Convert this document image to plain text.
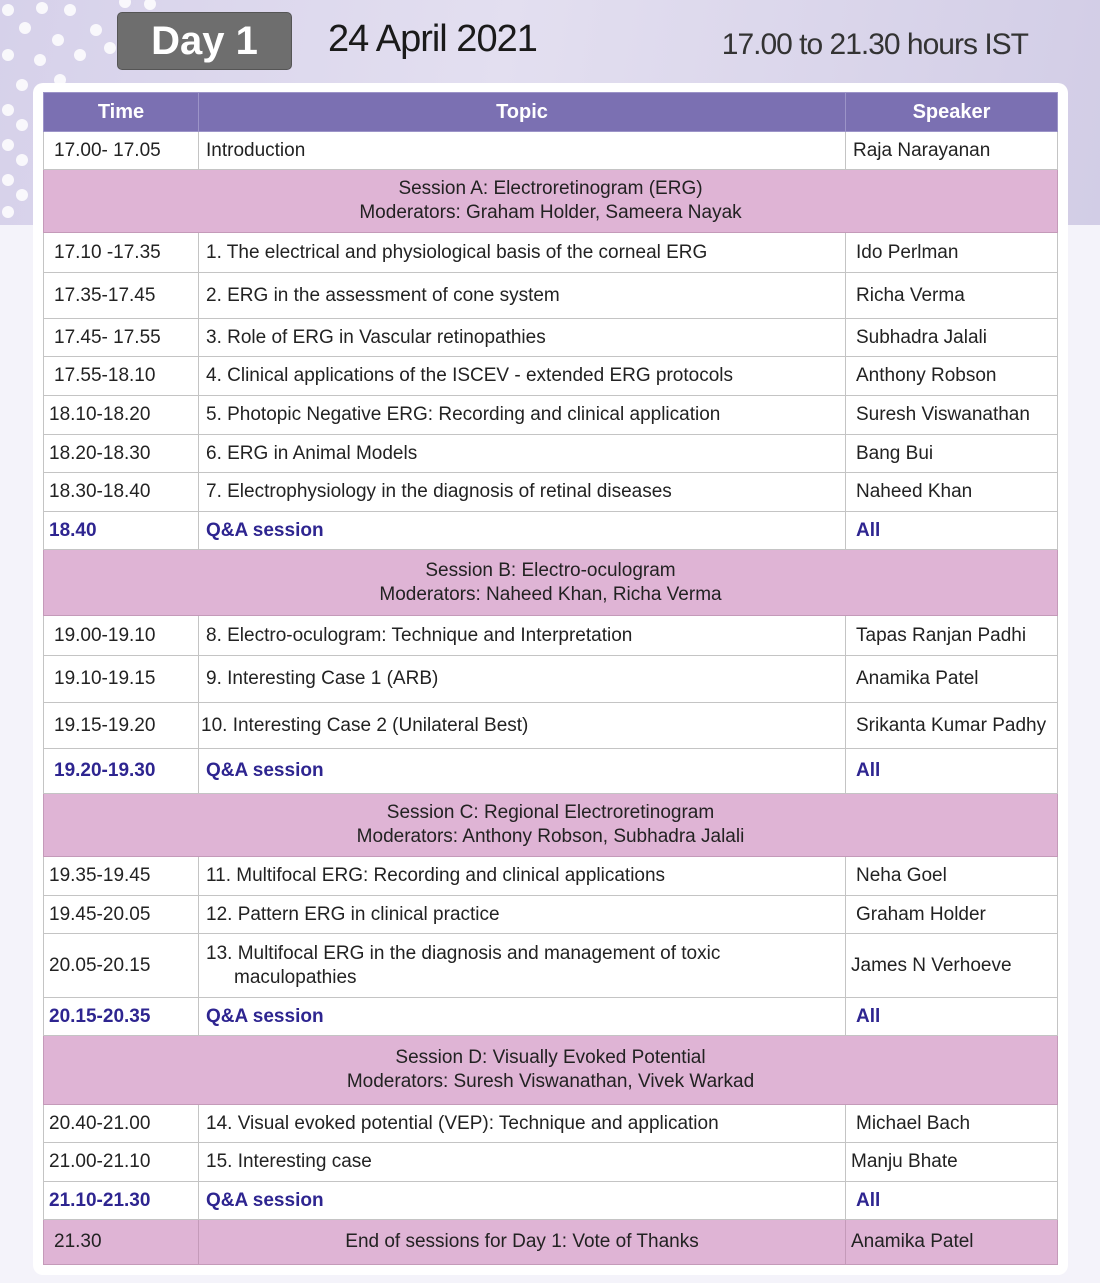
Day 1	24 April 2021	17.00 to 21.30 hours IST
Time	Topic	Speaker
17.00- 17.05	Introduction	Raja Narayanan

Session A: Electroretinogram (ERG)
Moderators: Graham Holder, Sameera Nayak		

17.10 -17.35	1. The electrical and physiological basis of the corneal ERG	Ido Perlman
17.35-17.45	2. ERG in the assessment of cone system	Richa Verma
17.45- 17.55	3. Role of ERG in Vascular retinopathies	Subhadra Jalali
17.55-18.10	4. Clinical applications of the ISCEV - extended ERG protocols	Anthony Robson
18.10-18.20	5. Photopic Negative ERG: Recording and clinical application	Suresh Viswanathan
18.20-18.30	6. ERG in Animal Models	Bang Bui
18.30-18.40	7. Electrophysiology in the diagnosis of retinal diseases	Naheed Khan
18.40	Q&A session	All

Session B: Electro-oculogram
Moderators: Naheed Khan, Richa Verma		

19.00-19.10	8. Electro-oculogram: Technique and Interpretation	Tapas Ranjan Padhi
19.10-19.15	9. Interesting Case 1 (ARB)	Anamika Patel
19.15-19.20	10. Interesting Case 2 (Unilateral Best)	Srikanta Kumar Padhy
19.20-19.30	Q&A session	All

Session C: Regional Electroretinogram
Moderators: Anthony Robson, Subhadra Jalali		

19.35-19.45	11. Multifocal ERG: Recording and clinical applications	Neha Goel
19.45-20.05	12. Pattern ERG in clinical practice	Graham Holder
20.05-20.15	13. Multifocal ERG in the diagnosis and management of toxic maculopathies	James N Verhoeve
20.15-20.35	Q&A session	All

Session D: Visually Evoked Potential
Moderators: Suresh Viswanathan, Vivek Warkad		

20.40-21.00	14. Visual evoked potential (VEP): Technique and application	Michael Bach
21.00-21.10	15. Interesting case	Manju Bhate
21.10-21.30	Q&A session	All
21.30	End of sessions for Day 1: Vote of Thanks	Anamika Patel
